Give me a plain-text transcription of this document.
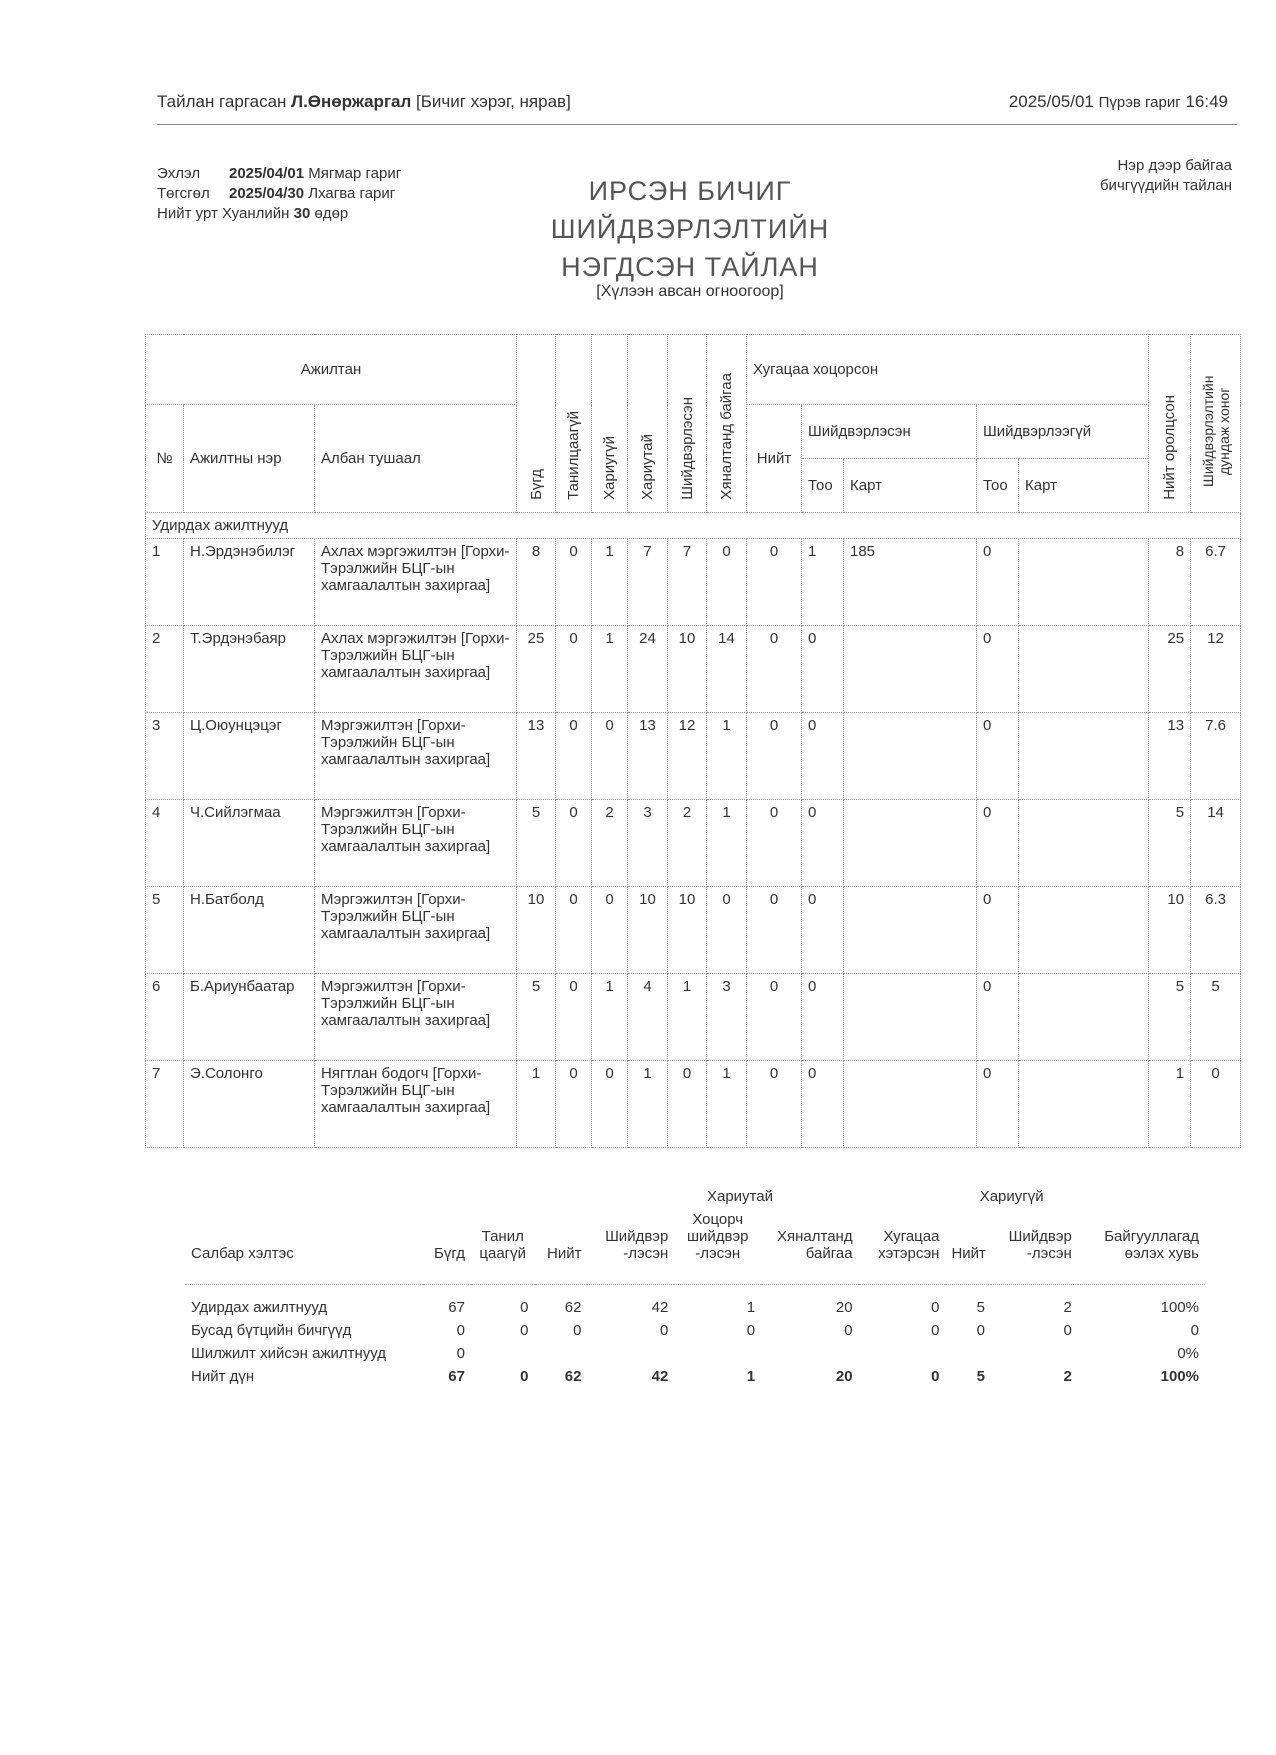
Тайлан гаргасан Л.Өнөржаргал [Бичиг хэрэг, нярав]	2025/05/01 Пүрэв гариг 16:49
Эхлэл 2025/04/01 Мягмар гариг
Төгсгөл 2025/04/30 Лхагва гариг
Нийт урт Хуанлийн 30 өдөр
ИРСЭН БИЧИГ
ШИЙДВЭРЛЭЛТИЙН
НЭГДСЭН ТАЙЛАН
[Хүлээн авсан огноогоор]
Нэр дээр байгаа
бичгүүдийн тайлан
Ажилтан			Бүгд	Танилцаагүй	Хариугүй	Хариутай	Шийдвэрлэсэн	Хяналтанд байгаа	Хугацаа хоцорсон					Нийт оролцсон	Шийдвэрлэлтийн дундаж хоног
№	Ажилтны нэр	Албан тушаал							Нийт	Шийдвэрлэсэн		Шийдвэрлээгүй			
										Тоо	Карт	Тоо	Карт		
Удирдах ажилтнууд															
1	Н.Эрдэнэбилэг	Ахлах мэргэжилтэн [Горхи-Тэрэлжийн БЦГ-ын хамгаалалтын захиргаа]	8	0	1	7	7	0	0	1	185	0		8	6.7
2	Т.Эрдэнэбаяр	Ахлах мэргэжилтэн [Горхи-Тэрэлжийн БЦГ-ын хамгаалалтын захиргаа]	25	0	1	24	10	14	0	0		0		25	12
3	Ц.Оюунцэцэг	Мэргэжилтэн [Горхи-Тэрэлжийн БЦГ-ын хамгаалалтын захиргаа]	13	0	0	13	12	1	0	0		0		13	7.6
4	Ч.Сийлэгмаа	Мэргэжилтэн [Горхи-Тэрэлжийн БЦГ-ын хамгаалалтын захиргаа]	5	0	2	3	2	1	0	0		0		5	14
5	Н.Батболд	Мэргэжилтэн [Горхи-Тэрэлжийн БЦГ-ын хамгаалалтын захиргаа]	10	0	0	10	10	0	0	0		0		10	6.3
6	Б.Ариунбаатар	Мэргэжилтэн [Горхи-Тэрэлжийн БЦГ-ын хамгаалалтын захиргаа]	5	0	1	4	1	3	0	0		0		5	5
7	Э.Солонго	Нягтлан бодогч [Горхи-Тэрэлжийн БЦГ-ын хамгаалалтын захиргаа]	1	0	0	1	0	1	0	0		0		1	0
			Хариутай					Хариугүй		
Салбар хэлтэс	Бүгд	Танил цаагүй	Нийт	Шийдвэр -лэсэн	Хоцорч шийдвэр -лэсэн	Хяналтанд байгаа	Хугацаа хэтэрсэн	Нийт	Шийдвэр -лэсэн	Байгууллагад өэлэх хувь
Удирдах ажилтнууд	67	0	62	42	1	20	0	5	2	100%
Бусад бүтцийн бичгүүд	0	0	0	0	0	0	0	0	0	0
Шилжилт хийсэн ажилтнууд	0									0%
Нийт дүн	67	0	62	42	1	20	0	5	2	100%
